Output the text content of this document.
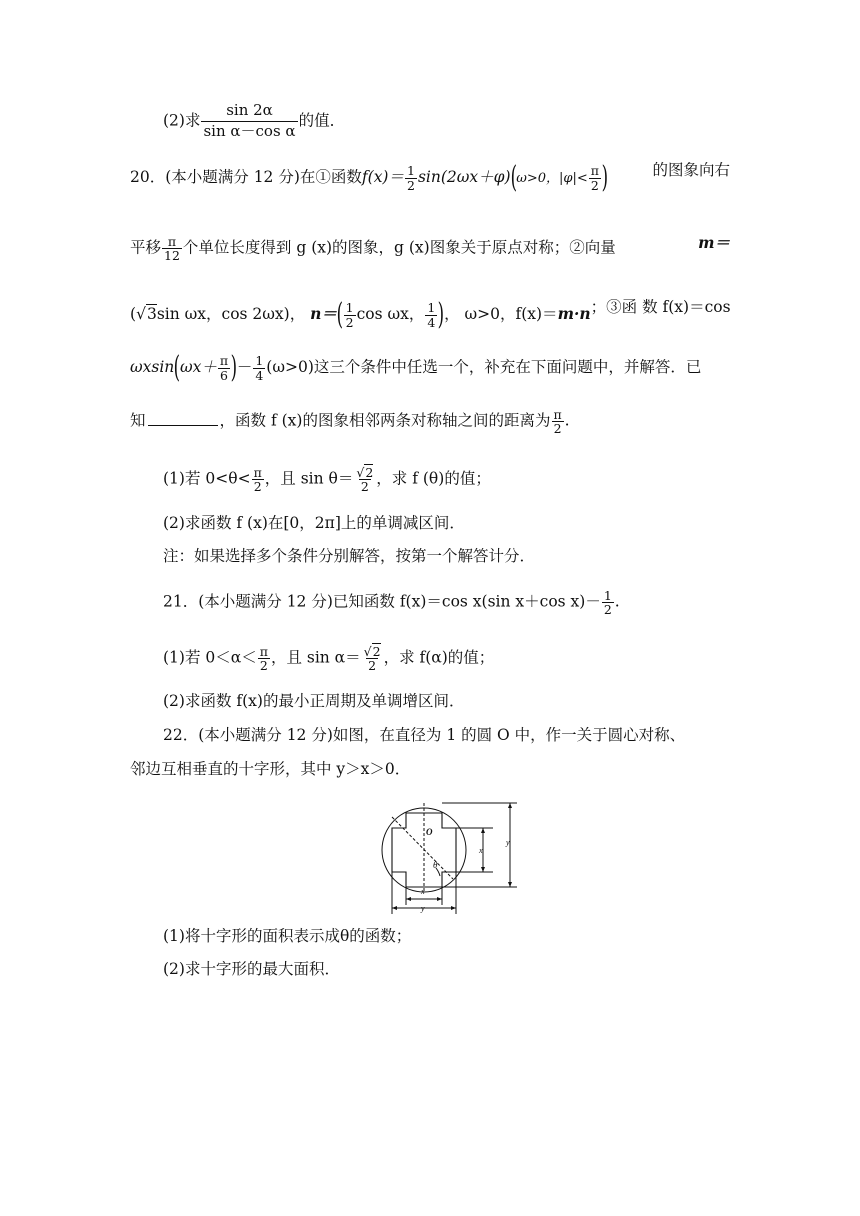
(2)求 $\frac{\sin 2\alpha}{\text{sin α－cos α}}$ 的值．
20．(本小题满分 12 分)在①函数$f(x)= \frac{1}{2} \sin(2\omega x+\varphi)(\omega>0$，$|\varphi|< \frac{\pi}{2}$ )	的图象向右
平移 $\frac{\pi}{12}$ 个单位长度得到 g (x)的图象，g (x)图象关于原点对称；②向量	m＝
(√3sin ωx，cos 2ωx)， $n=( \frac{1}{2}$ cos ωx， $\frac{1}{4}$ )， ω>0，f(x)＝m·n ；③函 数 f(x)＝cos
$\omega xsin(\omega x+ \frac{\pi}{6}$ )－ $\frac{1}{4} (\omega>0)$这三个条件中任选一个，补充在下面问题中，并解答．已
知	，函数 f (x)的图象相邻两条对称轴之间的距离为 $\frac{\pi}{2}$ .
(1)若 $0<\theta< \frac{\pi}{2}$ ，且 $\sin \theta= \frac{√2}{2}$ ，求 f (θ)的值；
(2)求函数 f (x)在[0，2π]上的单调减区间．
注：如果选择多个条件分别解答，按第一个解答计分．
21．(本小题满分 12 分)已知函数 f(x)＝cos x(sin x＋cos $x)- \frac{1}{2}$ .
(1)若 $0<\alpha< \frac{\pi}{2}$ ，且 $\sin \alpha= \frac{√2}{2}$ ，求 f(α)的值；
(2)求函数 f(x)的最小正周期及单调增区间．
22．(本小题满分 12 分)如图，在直径为 1 的圆 O 中，作一关于圆心对称、
邻边互相垂直的十字形，其中 y＞x＞0．
O
θ
x
y
x
y
(1)将十字形的面积表示成θ的函数；
(2)求十字形的最大面积．
